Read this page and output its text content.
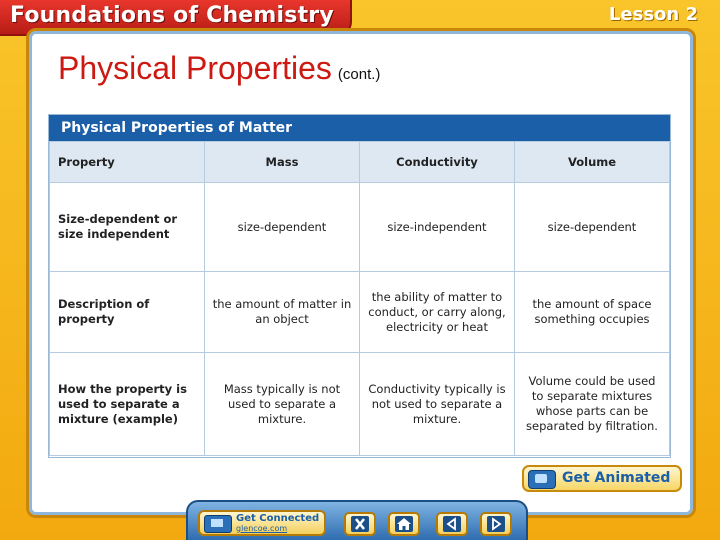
Foundations of Chemistry	Lesson 2
Physical Properties (cont.)
Physical Properties of Matter
Property	Mass	Conductivity	Volume
Size-dependent or size independent	size-dependent	size-independent	size-dependent
Description of property	the amount of matter in an object	the ability of matter to conduct, or carry along, electricity or heat	the amount of space something occupies
How the property is used to separate a mixture (example)	Mass typically is not used to separate a mixture.	Conductivity typically is not used to separate a mixture.	Volume could be used to separate mixtures whose parts can be separated by filtration.
Get Animated
Get Connected
glencoe.com
